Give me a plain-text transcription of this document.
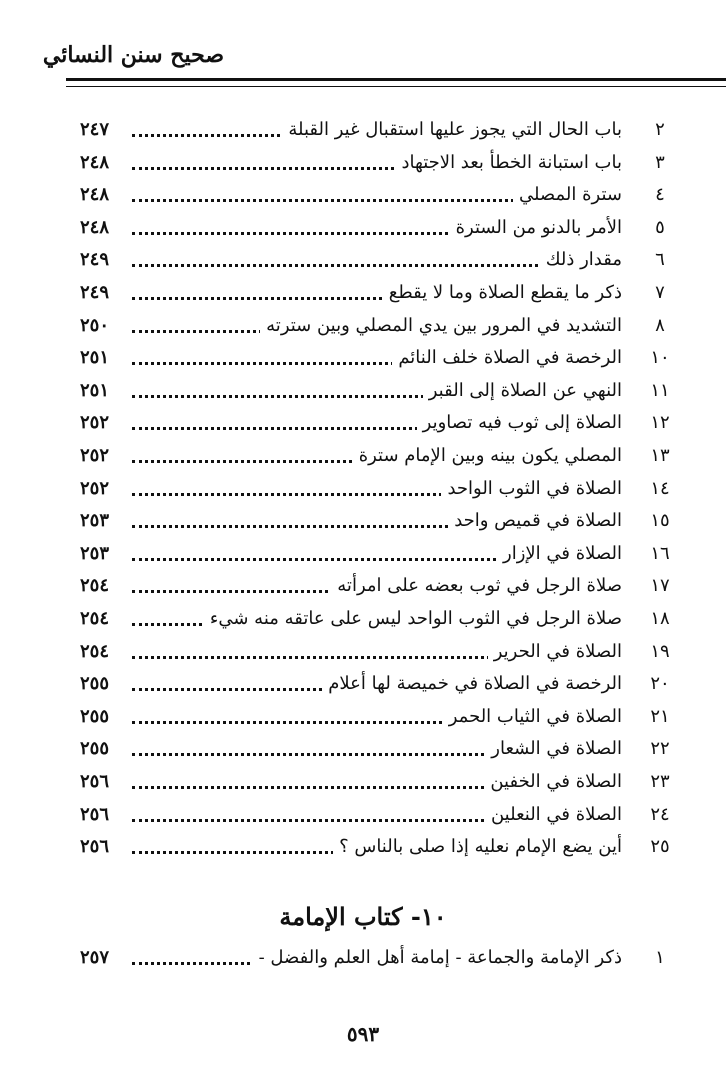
صحيح سنن النسائي
٢
باب الحال التي يجوز عليها استقبال غير القبلة
٢٤٧
٣
باب استبانة الخطأ بعد الاجتهاد
٢٤٨
٤
سترة المصلي
٢٤٨
٥
الأمر بالدنو من السترة
٢٤٨
٦
مقدار ذلك
٢٤٩
٧
ذكر ما يقطع الصلاة وما لا يقطع
٢٤٩
٨
التشديد في المرور بين يدي المصلي وبين سترته
٢٥٠
١٠
الرخصة في الصلاة خلف النائم
٢٥١
١١
النهي عن الصلاة إلى القبر
٢٥١
١٢
الصلاة إلى ثوب فيه تصاوير
٢٥٢
١٣
المصلي يكون بينه وبين الإمام سترة
٢٥٢
١٤
الصلاة في الثوب الواحد
٢٥٢
١٥
الصلاة في قميص واحد
٢٥٣
١٦
الصلاة في الإزار
٢٥٣
١٧
صلاة الرجل في ثوب بعضه على امرأته
٢٥٤
١٨
صلاة الرجل في الثوب الواحد ليس على عاتقه منه شيء
٢٥٤
١٩
الصلاة في الحرير
٢٥٤
٢٠
الرخصة في الصلاة في خميصة لها أعلام
٢٥٥
٢١
الصلاة في الثياب الحمر
٢٥٥
٢٢
الصلاة في الشعار
٢٥٥
٢٣
الصلاة في الخفين
٢٥٦
٢٤
الصلاة في النعلين
٢٥٦
٢٥
أين يضع الإمام نعليه إذا صلى بالناس ؟
٢٥٦
١٠- كتاب الإمامة
١
ذكر الإمامة والجماعة - إمامة أهل العلم والفضل -
٢٥٧
٥٩٣
